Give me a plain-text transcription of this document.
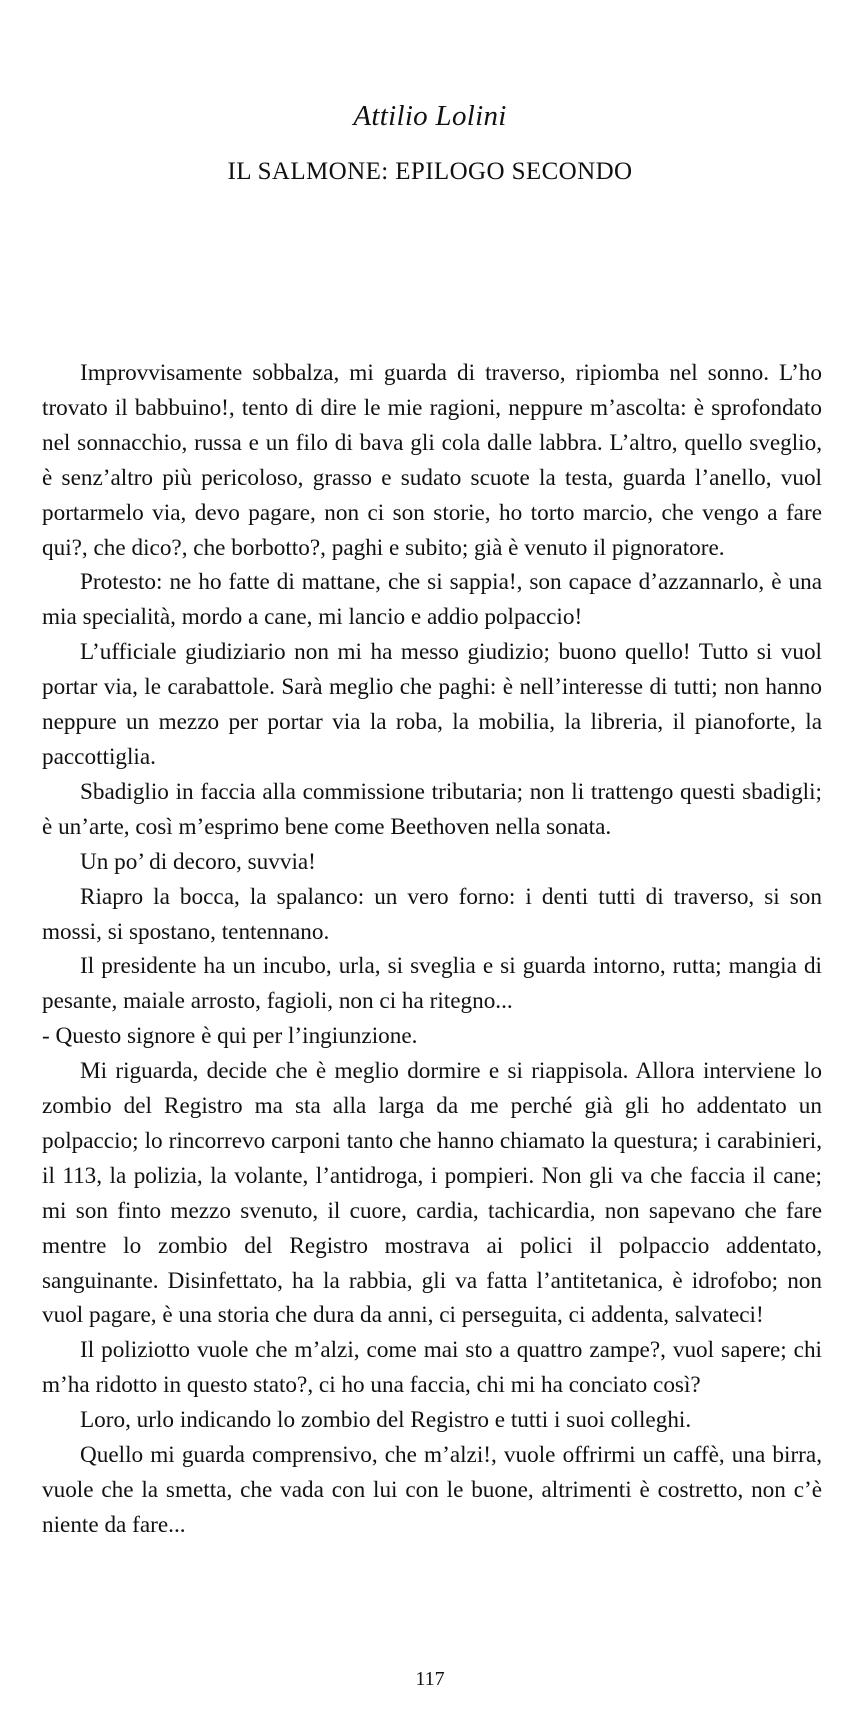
Attilio Lolini
IL SALMONE: EPILOGO SECONDO

Improvvisamente sobbalza, mi guarda di traverso, ripiomba nel sonno. L’ho trovato il babbuino!, tento di dire le mie ragioni, neppure m’ascolta: è sprofondato nel sonnacchio, russa e un filo di bava gli cola dalle labbra. L’altro, quello sveglio, è senz’altro più pericoloso, grasso e sudato scuote la testa, guarda l’anello, vuol portarmelo via, devo pagare, non ci son storie, ho torto marcio, che vengo a fare qui?, che dico?, che borbotto?, paghi e subito; già è venuto il pignoratore.

Protesto: ne ho fatte di mattane, che si sappia!, son capace d’azzannarlo, è una mia specialità, mordo a cane, mi lancio e addio polpaccio!

L’ufficiale giudiziario non mi ha messo giudizio; buono quello! Tutto si vuol portar via, le carabattole. Sarà meglio che paghi: è nell’interesse di tutti; non hanno neppure un mezzo per portar via la roba, la mobilia, la libreria, il pianoforte, la paccottiglia.

Sbadiglio in faccia alla commissione tributaria; non li trattengo questi sbadigli; è un’arte, così m’esprimo bene come Beethoven nella sonata.

Un po’ di decoro, suvvia!

Riapro la bocca, la spalanco: un vero forno: i denti tutti di traverso, si son mossi, si spostano, tentennano.

Il presidente ha un incubo, urla, si sveglia e si guarda intorno, rutta; mangia di pesante, maiale arrosto, fagioli, non ci ha ritegno...

- Questo signore è qui per l’ingiunzione.

Mi riguarda, decide che è meglio dormire e si riappisola. Allora interviene lo zombio del Registro ma sta alla larga da me perché già gli ho addentato un polpaccio; lo rincorrevo carponi tanto che hanno chiamato la questura; i carabinieri, il 113, la polizia, la volante, l’antidroga, i pompieri. Non gli va che faccia il cane; mi son finto mezzo svenuto, il cuore, cardia, tachicardia, non sapevano che fare mentre lo zombio del Registro mostrava ai polici il polpaccio addentato, sanguinante. Disinfettato, ha la rabbia, gli va fatta l’antitetanica, è idrofobo; non vuol pagare, è una storia che dura da anni, ci perseguita, ci addenta, salvateci!

Il poliziotto vuole che m’alzi, come mai sto a quattro zampe?, vuol sapere; chi m’ha ridotto in questo stato?, ci ho una faccia, chi mi ha conciato così?

Loro, urlo indicando lo zombio del Registro e tutti i suoi colleghi.

Quello mi guarda comprensivo, che m’alzi!, vuole offrirmi un caffè, una birra, vuole che la smetta, che vada con lui con le buone, altrimenti è costretto, non c’è niente da fare...

117
